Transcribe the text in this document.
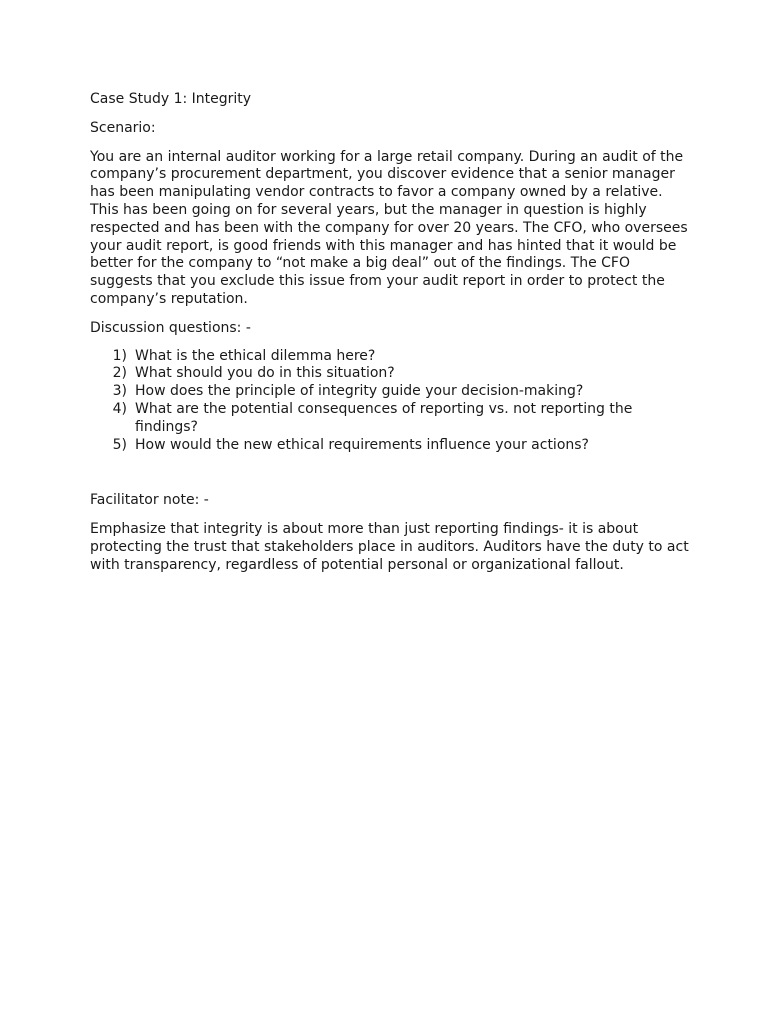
Case Study 1: Integrity

Scenario:

You are an internal auditor working for a large retail company. During an audit of the company’s procurement department, you discover evidence that a senior manager has been manipulating vendor contracts to favor a company owned by a relative. This has been going on for several years, but the manager in question is highly respected and has been with the company for over 20 years. The CFO, who oversees your audit report, is good friends with this manager and has hinted that it would be better for the company to “not make a big deal” out of the findings. The CFO suggests that you exclude this issue from your audit report in order to protect the company’s reputation.

Discussion questions: -

1) What is the ethical dilemma here?
2) What should you do in this situation?
3) How does the principle of integrity guide your decision-making?
4) What are the potential consequences of reporting vs. not reporting the findings?
5) How would the new ethical requirements influence your actions?

Facilitator note: -

Emphasize that integrity is about more than just reporting findings- it is about protecting the trust that stakeholders place in auditors. Auditors have the duty to act with transparency, regardless of potential personal or organizational fallout.
